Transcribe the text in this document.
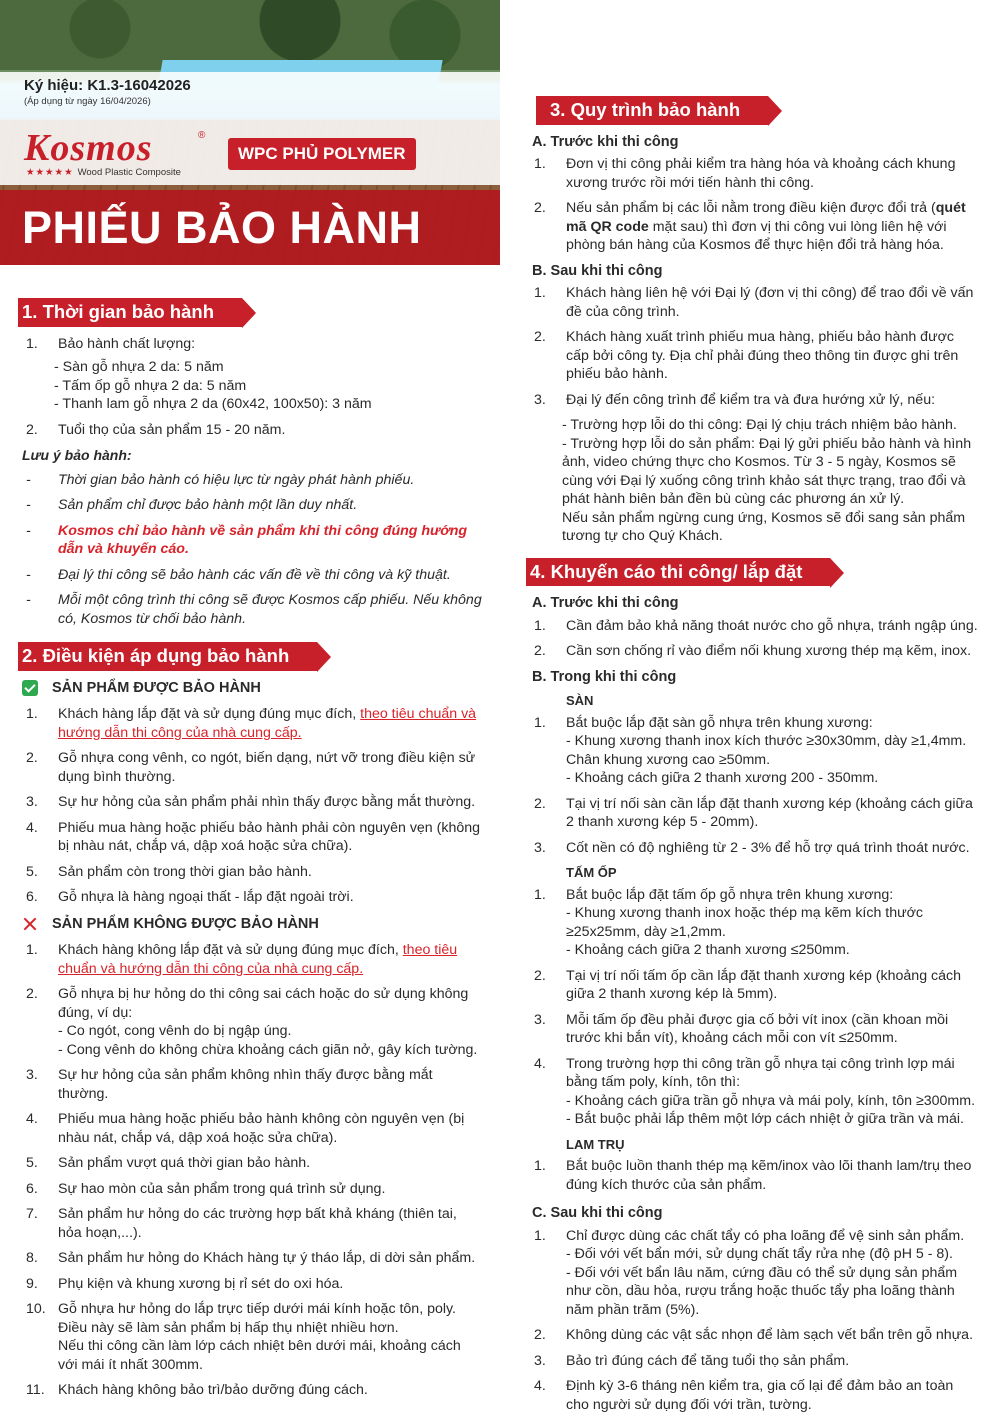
Ký hiệu: K1.3-16042026
(Áp dụng từ ngày 16/04/2026)
Kosmos	®
★★★★★ Wood Plastic Composite
WPC PHỦ POLYMER
PHIẾU BẢO HÀNH
1. Thời gian bảo hành
1.	Bảo hành chất lượng:
- Sàn gỗ nhựa 2 da: 5 năm
- Tấm ốp gỗ nhựa 2 da: 5 năm
- Thanh lam gỗ nhựa 2 da (60x42, 100x50): 3 năm
2.	Tuổi thọ của sản phẩm 15 - 20 năm.
Lưu ý bảo hành:
-	Thời gian bảo hành có hiệu lực từ ngày phát hành phiếu.
-	Sản phẩm chỉ được bảo hành một lần duy nhất.
-	Kosmos chỉ bảo hành về sản phẩm khi thi công đúng hướng dẫn và khuyến cáo.
-	Đại lý thi công sẽ bảo hành các vấn đề về thi công và kỹ thuật.
-	Mỗi một công trình thi công sẽ được Kosmos cấp phiếu. Nếu không có, Kosmos từ chối bảo hành.
2. Điều kiện áp dụng bảo hành
SẢN PHẨM ĐƯỢC BẢO HÀNH
1.	Khách hàng lắp đặt và sử dụng đúng mục đích, theo tiêu chuẩn và hướng dẫn thi công của nhà cung cấp.
2.	Gỗ nhựa cong vênh, co ngót, biến dạng, nứt vỡ trong điều kiện sử dụng bình thường.
3.	Sự hư hỏng của sản phẩm phải nhìn thấy được bằng mắt thường.
4.	Phiếu mua hàng hoặc phiếu bảo hành phải còn nguyên vẹn (không bị nhàu nát, chắp vá, dập xoá hoặc sửa chữa).
5.	Sản phẩm còn trong thời gian bảo hành.
6.	Gỗ nhựa là hàng ngoại thất - lắp đặt ngoài trời.
SẢN PHẨM KHÔNG ĐƯỢC BẢO HÀNH
1.	Khách hàng không lắp đặt và sử dụng đúng mục đích, theo tiêu chuẩn và hướng dẫn thi công của nhà cung cấp.
2.	Gỗ nhựa bị hư hỏng do thi công sai cách hoặc do sử dụng không đúng, ví dụ:
- Co ngót, cong vênh do bị ngập úng.
- Cong vênh do không chừa khoảng cách giãn nở, gây kích tường.
3.	Sự hư hỏng của sản phẩm không nhìn thấy được bằng mắt thường.
4.	Phiếu mua hàng hoặc phiếu bảo hành không còn nguyên vẹn (bị nhàu nát, chắp vá, dập xoá hoặc sửa chữa).
5.	Sản phẩm vượt quá thời gian bảo hành.
6.	Sự hao mòn của sản phẩm trong quá trình sử dụng.
7.	Sản phẩm hư hỏng do các trường hợp bất khả kháng (thiên tai, hỏa hoạn,...).
8.	Sản phẩm hư hỏng do Khách hàng tự ý tháo lắp, di dời sản phẩm.
9.	Phụ kiện và khung xương bị rỉ sét do oxi hóa.
10. Gỗ nhựa hư hỏng do lắp trực tiếp dưới mái kính hoặc tôn, poly. Điều này sẽ làm sản phẩm bị hấp thụ nhiệt nhiều hơn.
Nếu thi công cần làm lớp cách nhiệt bên dưới mái, khoảng cách với mái ít nhất 300mm.
11. Khách hàng không bảo trì/bảo dưỡng đúng cách.
3. Quy trình bảo hành
A. Trước khi thi công
1.	Đơn vị thi công phải kiểm tra hàng hóa và khoảng cách khung xương trước rồi mới tiến hành thi công.
2.	Nếu sản phẩm bị các lỗi nằm trong điều kiện được đổi trả (quét mã QR code mặt sau) thì đơn vị thi công vui lòng liên hệ với phòng bán hàng của Kosmos để thực hiện đổi trả hàng hóa.
B. Sau khi thi công
1.	Khách hàng liên hệ với Đại lý (đơn vị thi công) để trao đổi về vấn đề của công trình.
2.	Khách hàng xuất trình phiếu mua hàng, phiếu bảo hành được cấp bởi công ty. Địa chỉ phải đúng theo thông tin được ghi trên phiếu bảo hành.
3.	Đại lý đến công trình để kiểm tra và đưa hướng xử lý, nếu:
- Trường hợp lỗi do thi công: Đại lý chịu trách nhiệm bảo hành.
- Trường hợp lỗi do sản phẩm: Đại lý gửi phiếu bảo hành và hình ảnh, video chứng thực cho Kosmos. Từ 3 - 5 ngày, Kosmos sẽ cùng với Đại lý xuống công trình khảo sát thực trạng, trao đổi và phát hành biên bản đền bù cùng các phương án xử lý.
Nếu sản phẩm ngừng cung ứng, Kosmos sẽ đổi sang sản phẩm tương tự cho Quý Khách.
4. Khuyến cáo thi công/ lắp đặt
A. Trước khi thi công
1.	Cần đảm bảo khả năng thoát nước cho gỗ nhựa, tránh ngập úng.
2.	Cần sơn chống rỉ vào điểm nối khung xương thép mạ kẽm, inox.
B. Trong khi thi công
SÀN
1.	Bắt buộc lắp đặt sàn gỗ nhựa trên khung xương:
- Khung xương thanh inox kích thước ≥30x30mm, dày ≥1,4mm. Chân khung xương cao ≥50mm.
- Khoảng cách giữa 2 thanh xương 200 - 350mm.
2.	Tại vị trí nối sàn cần lắp đặt thanh xương kép (khoảng cách giữa 2 thanh xương kép 5 - 20mm).
3.	Cốt nền có độ nghiêng từ 2 - 3% để hỗ trợ quá trình thoát nước.
TẤM ỐP
1.	Bắt buộc lắp đặt tấm ốp gỗ nhựa trên khung xương:
- Khung xương thanh inox hoặc thép mạ kẽm kích thước ≥25x25mm, dày ≥1,2mm.
- Khoảng cách giữa 2 thanh xương ≤250mm.
2.	Tại vị trí nối tấm ốp cần lắp đặt thanh xương kép (khoảng cách giữa 2 thanh xương kép là 5mm).
3.	Mỗi tấm ốp đều phải được gia cố bởi vít inox (cần khoan mồi trước khi bắn vít), khoảng cách mỗi con vít ≤250mm.
4.	Trong trường hợp thi công trần gỗ nhựa tại công trình lợp mái bằng tấm poly, kính, tôn thì:
- Khoảng cách giữa trần gỗ nhựa và mái poly, kính, tôn ≥300mm.
- Bắt buộc phải lắp thêm một lớp cách nhiệt ở giữa trần và mái.
LAM TRỤ
1.	Bắt buộc luồn thanh thép mạ kẽm/inox vào lõi thanh lam/trụ theo đúng kích thước của sản phẩm.
C. Sau khi thi công
1.	Chỉ được dùng các chất tẩy có pha loãng để vệ sinh sản phẩm.
- Đối với vết bẩn mới, sử dụng chất tẩy rửa nhẹ (độ pH 5 - 8).
- Đối với vết bẩn lâu năm, cứng đầu có thể sử dụng sản phẩm như cồn, dầu hỏa, rượu trắng hoặc thuốc tẩy pha loãng thành năm phần trăm (5%).
2.	Không dùng các vật sắc nhọn để làm sạch vết bẩn trên gỗ nhựa.
3.	Bảo trì đúng cách để tăng tuổi thọ sản phẩm.
4.	Định kỳ 3-6 tháng nên kiểm tra, gia cố lại để đảm bảo an toàn cho người sử dụng đối với trần, tường.
